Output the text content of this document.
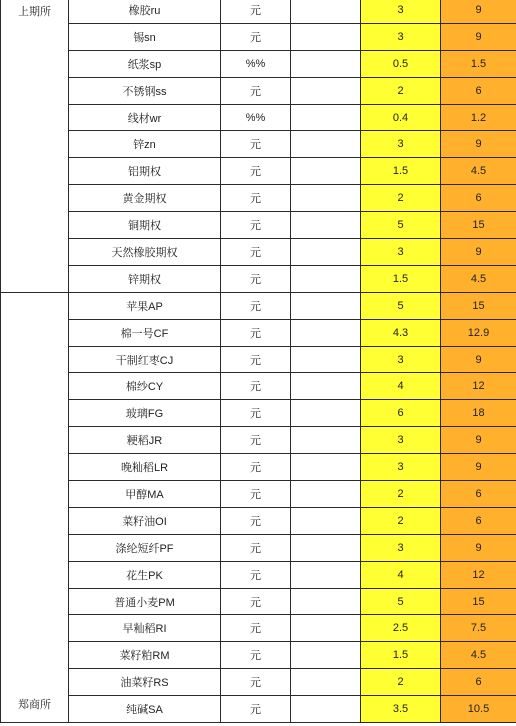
上期所	橡胶ru	元		3	9
	锡sn	元		3	9
	纸浆sp	%%		0.5	1.5
	不锈钢ss	元		2	6
	线材wr	%%		0.4	1.2
	锌zn	元		3	9
	铝期权	元		1.5	4.5
	黄金期权	元		2	6
	铜期权	元		5	15
	天然橡胶期权	元		3	9
	锌期权	元		1.5	4.5
郑商所	苹果AP	元		5	15
	棉一号CF	元		4.3	12.9
	干制红枣CJ	元		3	9
	棉纱CY	元		4	12
	玻璃FG	元		6	18
	粳稻JR	元		3	9
	晚籼稻LR	元		3	9
	甲醇MA	元		2	6
	菜籽油OI	元		2	6
	涤纶短纤PF	元		3	9
	花生PK	元		4	12
	普通小麦PM	元		5	15
	早籼稻RI	元		2.5	7.5
	菜籽粕RM	元		1.5	4.5
	油菜籽RS	元		2	6
	纯碱SA	元		3.5	10.5
